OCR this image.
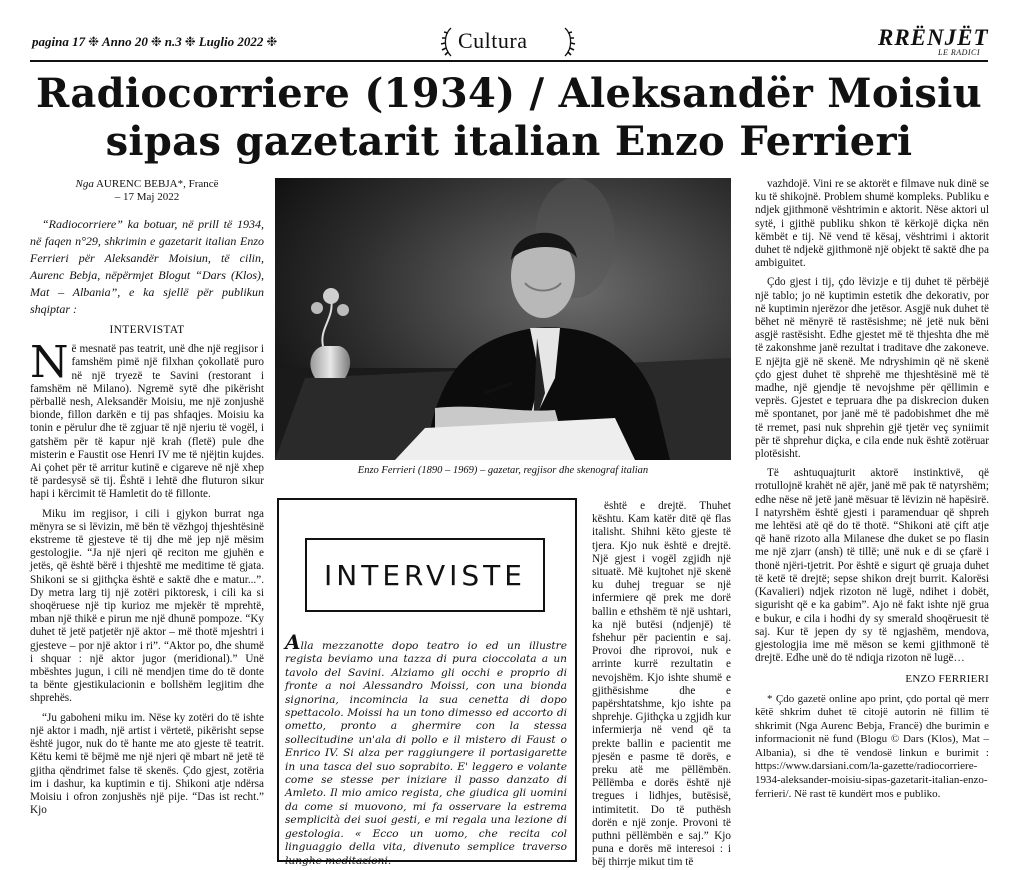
pagina 17 ❉ Anno 20 ❉ n.3 ❉ Luglio 2022 ❉	Cultura	RRËNJËT
LE RADICI
Radiocorriere (1934) / Aleksandër Moisiu
sipas gazetarit italian Enzo Ferrieri
Nga AURENC BEBJA*, Francë
– 17 Maj 2022

“Radiocorriere” ka botuar, në prill të 1934, në faqen n°29, shkrimin e gazetarit italian Enzo Ferrieri për Aleksandër Moisiun, të cilin, Aurenc Bebja, nëpërmjet Blogut “Dars (Klos), Mat – Albania”, e ka sjellë për publikun shqiptar :

INTERVISTAT

Në mesnatë pas teatrit, unë dhe një regjisor i famshëm pimë një filxhan çokollatë puro në një tryezë te Savini (restorant i famshëm në Milano). Ngremë sytë dhe pikërisht përballë nesh, Aleksandër Moisiu, me një zonjushë bionde, fillon darkën e tij pas shfaqjes. Moisiu ka tonin e përulur dhe të zgjuar të një njeriu të vogël, i gatshëm për të kapur një krah (fletë) pule dhe misterin e Faustit ose Henri IV me të njëjtin kujdes. Ai çohet për të arritur kutinë e cigareve në një xhep të pardesysë së tij. Është i lehtë dhe fluturon sikur hapi i kërcimit të Hamletit do të fillonte.

Miku im regjisor, i cili i gjykon burrat nga mënyra se si lëvizin, më bën të vëzhgoj thjeshtësinë ekstreme të gjesteve të tij dhe më jep një mësim gestologjie. “Ja një njeri që reciton me gjuhën e jetës, që është bërë i thjeshtë me meditime të gjata. Shikoni se si gjithçka është e saktë dhe e matur...”. Dy metra larg tij një zotëri piktoresk, i cili ka si shoqëruese një tip kurioz me mjekër të mprehtë, mban një thikë e pirun me një dhunë pompoze. “Ky duhet të jetë patjetër një aktor – më thotë mjeshtri i gjesteve – por një aktor i ri”. “Aktor po, dhe shumë i shquar : një aktor jugor (meridional).” Unë mbështes jugun, i cili në mendjen time do të donte ta bënte gjestikulacionin e bollshëm legjitim dhe shprehës.

“Ju gaboheni miku im. Nëse ky zotëri do të ishte një aktor i madh, një artist i vërtetë, pikërisht sepse është jugor, nuk do të hante me ato gjeste të teatrit. Këtu kemi të bëjmë me një njeri që mbart në jetë të gjitha qëndrimet false të skenës. Çdo gjest, zotëria im i dashur, ka kuptimin e tij. Shikoni atje ndërsa Moisiu i ofron zonjushës një pije. “Das ist recht.” Kjo

Enzo Ferrieri (1890 – 1969) – gazetar, regjisor dhe skenograf italian
INTERVISTE
Alla mezzanotte dopo teatro io ed un illustre regista beviamo una tazza di pura cioccolata a un tavolo del Savini. Alziamo gli occhi e proprio di fronte a noi Alessandro Moissi, con una bionda signorina, incomincia la sua cenetta di dopo spettacolo. Moissi ha un tono dimesso ed accorto di ometto, pronto a ghermire con la stessa sollecitudine un'ala di pollo e il mistero di Faust o Enrico IV. Si alza per raggiungere il portasigarette in una tasca del suo soprabito. E' leggero e volante come se stesse per iniziare il passo danzato di Amleto. Il mio amico regista, che giudica gli uomini da come si muovono, mi fa osservare la estrema semplicità dei suoi gesti, e mi regala una lezione di gestologia. « Ecco un uomo, che recita col linguaggio della vita, divenuto semplice traverso lunghe meditazioni.

është e drejtë. Thuhet kështu. Kam katër ditë që flas italisht. Shihni këto gjeste të tjera. Kjo nuk është e drejtë. Një gjest i vogël zgjidh një situatë. Më kujtohet një skenë ku duhej treguar se një infermiere që prek me dorë ballin e ethshëm të një ushtari, ka një butësi (ndjenjë) të fshehur për pacientin e saj. Provoi dhe riprovoi, nuk e arrinte kurrë rezultatin e nevojshëm. Kjo ishte shumë e gjithësishme dhe e papërshtatshme, kjo ishte pa shprehje. Gjithçka u zgjidh kur infermierja në vend që ta prekte ballin e pacientit me pjesën e pasme të dorës, e preku atë me pëllëmbën. Pëllëmba e dorës është një tregues i lidhjes, butësisë, intimitetit. Do të puthësh dorën e një zonje. Provoni të puthni pëllëmbën e saj.” Kjo puna e dorës më interesoi : i bëj thirrje mikut tim të

vazhdojë. Vini re se aktorët e filmave nuk dinë se ku të shikojnë. Problem shumë kompleks. Publiku e ndjek gjithmonë vështrimin e aktorit. Nëse aktori ul sytë, i gjithë publiku shkon të kërkojë diçka nën këmbët e tij. Në vend të kësaj, vështrimi i aktorit duhet të ndjekë gjithmonë një objekt të saktë dhe pa ambiguitet.

Çdo gjest i tij, çdo lëvizje e tij duhet të përbëjë një tablo; jo në kuptimin estetik dhe dekorativ, por në kuptimin njerëzor dhe jetësor. Asgjë nuk duhet të bëhet në mënyrë të rastësishme; në jetë nuk bëni asgjë rastësisht. Edhe gjestet më të thjeshta dhe më të zakonshme janë rezultat i traditave dhe zakoneve. E njëjta gjë në skenë. Me ndryshimin që në skenë çdo gjest duhet të shprehë me thjeshtësinë më të madhe, një gjendje të nevojshme për qëllimin e veprës. Gjestet e tepruara dhe pa diskrecion duken më spontanet, por janë më të padobishmet dhe më të rremet, pasi nuk shprehin gjë tjetër veç syniimit për të shprehur diçka, e cila ende nuk është zotëruar plotësisht.

Të ashtuquajturit aktorë instinktivë, që rrotullojnë krahët në ajër, janë më pak të natyrshëm; edhe nëse në jetë janë mësuar të lëvizin në hapësirë. I natyrshëm është gjesti i paramenduar që shpreh me lehtësi atë që do të thotë. “Shikoni atë çift atje që hanë rizoto alla Milanese dhe duket se po flasin me një zjarr (ansh) të tillë; unë nuk e di se çfarë i thonë njëri-tjetrit. Por është e sigurt që gruaja duhet të ketë të drejtë; sepse shikon drejt burrit. Kalorësi (Kavalieri) ndjek rizoton në lugë, ndihet i dobët, sigurisht që e ka gabim”. Ajo në fakt ishte një grua e bukur, e cila i hodhi dy sy smerald shoqëruesit të saj. Kur të jepen dy sy të ngjashëm, mendova, gjestologjia ime më mëson se kemi gjithmonë të drejtë. Edhe unë do të ndiqja rizoton në lugë…

ENZO FERRIERI

* Çdo gazetë online apo print, çdo portal që merr këtë shkrim duhet të citojë autorin në fillim të shkrimit (Nga Aurenc Bebja, Francë) dhe burimin e informacionit në fund (Blogu © Dars (Klos), Mat – Albania), si dhe të vendosë linkun e burimit : https://www.darsiani.com/la-gazette/radiocorriere-1934-aleksander-moisiu-sipas-gazetarit-italian-enzo-ferrieri/. Në rast të kundërt mos e publiko.
